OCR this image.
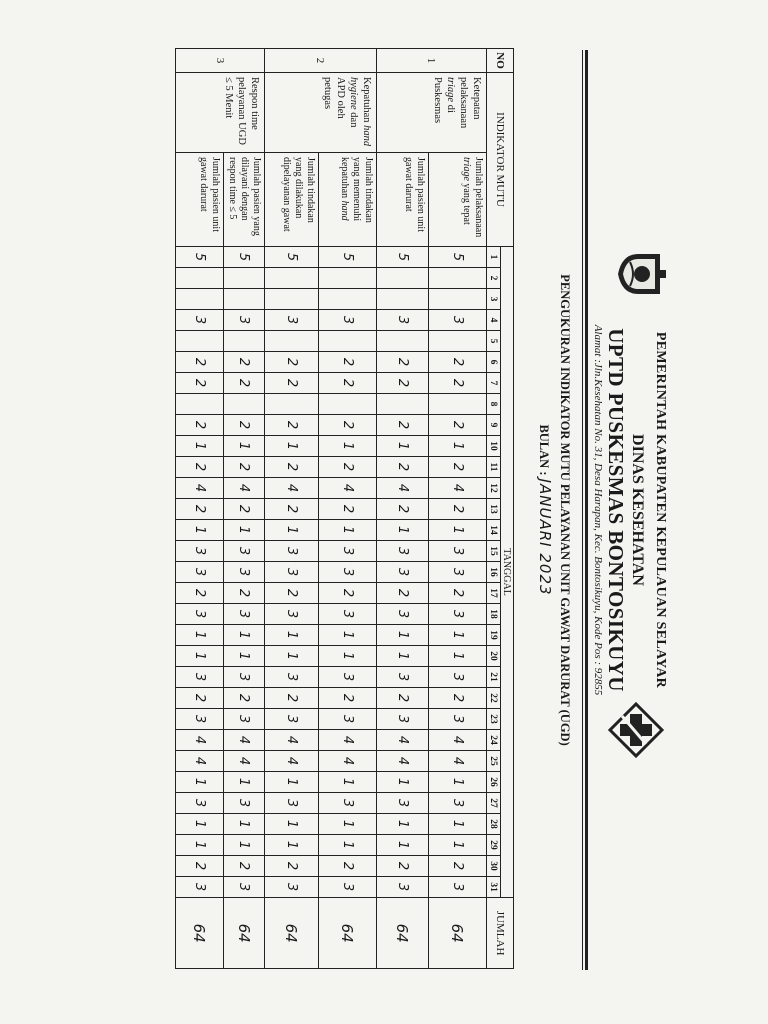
PEMERINTAH KABUPATEN KEPULAUAN SELAYAR
DINAS KESEHATAN
UPTD PUSKESMAS BONTOSIKUYU
Alamat :Jln.Kesehatan No. 31, Desa Harapan, Kec. Bontosikuyu, Kode Pos : 92855
PENGUKURAN INDIKATOR MUTU PELAYANAN UNIT GAWAT DARURAT (UGD)
BULAN : JANUARI 2023
NO	INDIKATOR MUTU		TANGGAL																															JUMLAH
			1	2	3	4	5	6	7	8	9	10	11	12	13	14	15	16	17	18	19	20	21	22	23	24	25	26	27	28	29	30	31	
1	Ketepatan pelaksanaan triage di Puskesmas	Jumlah pelaksanaan triage yang tepat	5			3		2	2		2	1	2	4	2	1	3	3	2	3	1	1	3	2	3	4	4	1	3	1	1	2	3	64
		Jumlah pasien unit gawat darurat	5			3		2	2		2	1	2	4	2	1	3	3	2	3	1	1	3	2	3	4	4	1	3	1	1	2	3	64
2	Kepatuhan hand hygiene dan APD oleh petugas	Jumlah tindakan yang memenuhi kepatuhan hand	5			3		2	2		2	1	2	4	2	1	3	3	2	3	1	1	3	2	3	4	4	1	3	1	1	2	3	64
		Jumlah tindakan yang dilakukan dipelayanan gawat	5			3		2	2		2	1	2	4	2	1	3	3	2	3	1	1	3	2	3	4	4	1	3	1	1	2	3	64
3	Respon time pelayanan UGD ≤ 5 Menit	Jumlah pasien yang dilayani dengan respon time ≤ 5	5			3		2	2		2	1	2	4	2	1	3	3	2	3	1	1	3	2	3	4	4	1	3	1	1	2	3	64
		Jumlah pasien unit gawat darurat	5			3		2	2		2	1	2	4	2	1	3	3	2	3	1	1	3	2	3	4	4	1	3	1	1	2	3	64
